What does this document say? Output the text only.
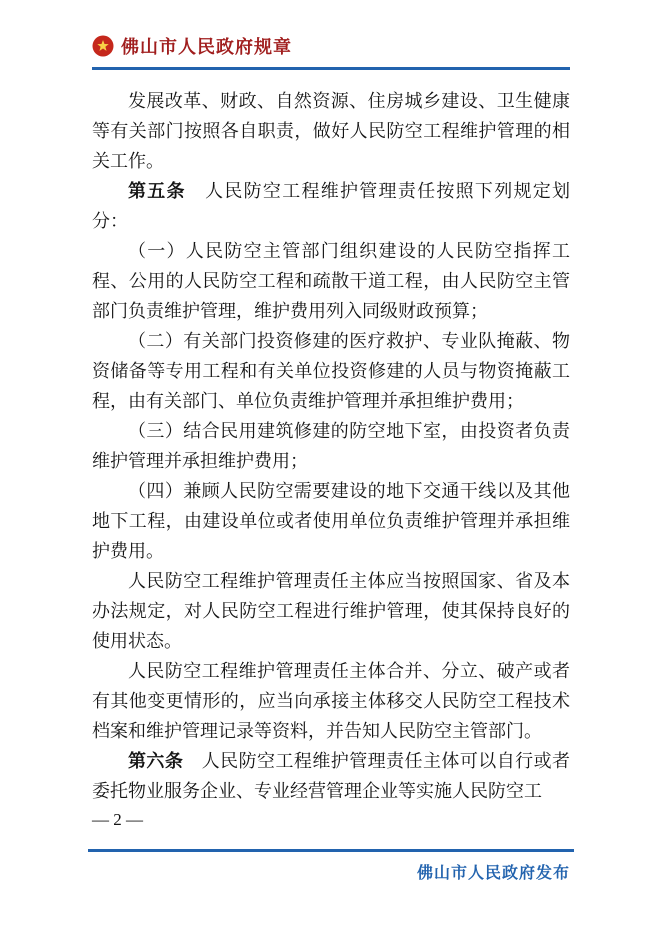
佛山市人民政府规章

发展改革、财政、自然资源、住房城乡建设、卫生健康等有关部门按照各自职责，做好人民防空工程维护管理的相关工作。

第五条　人民防空工程维护管理责任按照下列规定划分：

（一）人民防空主管部门组织建设的人民防空指挥工程、公用的人民防空工程和疏散干道工程，由人民防空主管部门负责维护管理，维护费用列入同级财政预算；

（二）有关部门投资修建的医疗救护、专业队掩蔽、物资储备等专用工程和有关单位投资修建的人员与物资掩蔽工程，由有关部门、单位负责维护管理并承担维护费用；

（三）结合民用建筑修建的防空地下室，由投资者负责维护管理并承担维护费用；

（四）兼顾人民防空需要建设的地下交通干线以及其他地下工程，由建设单位或者使用单位负责维护管理并承担维护费用。

人民防空工程维护管理责任主体应当按照国家、省及本办法规定，对人民防空工程进行维护管理，使其保持良好的使用状态。

人民防空工程维护管理责任主体合并、分立、破产或者有其他变更情形的，应当向承接主体移交人民防空工程技术档案和维护管理记录等资料，并告知人民防空主管部门。

第六条　人民防空工程维护管理责任主体可以自行或者委托物业服务企业、专业经营管理企业等实施人民防空工

— 2 —
佛山市人民政府发布
